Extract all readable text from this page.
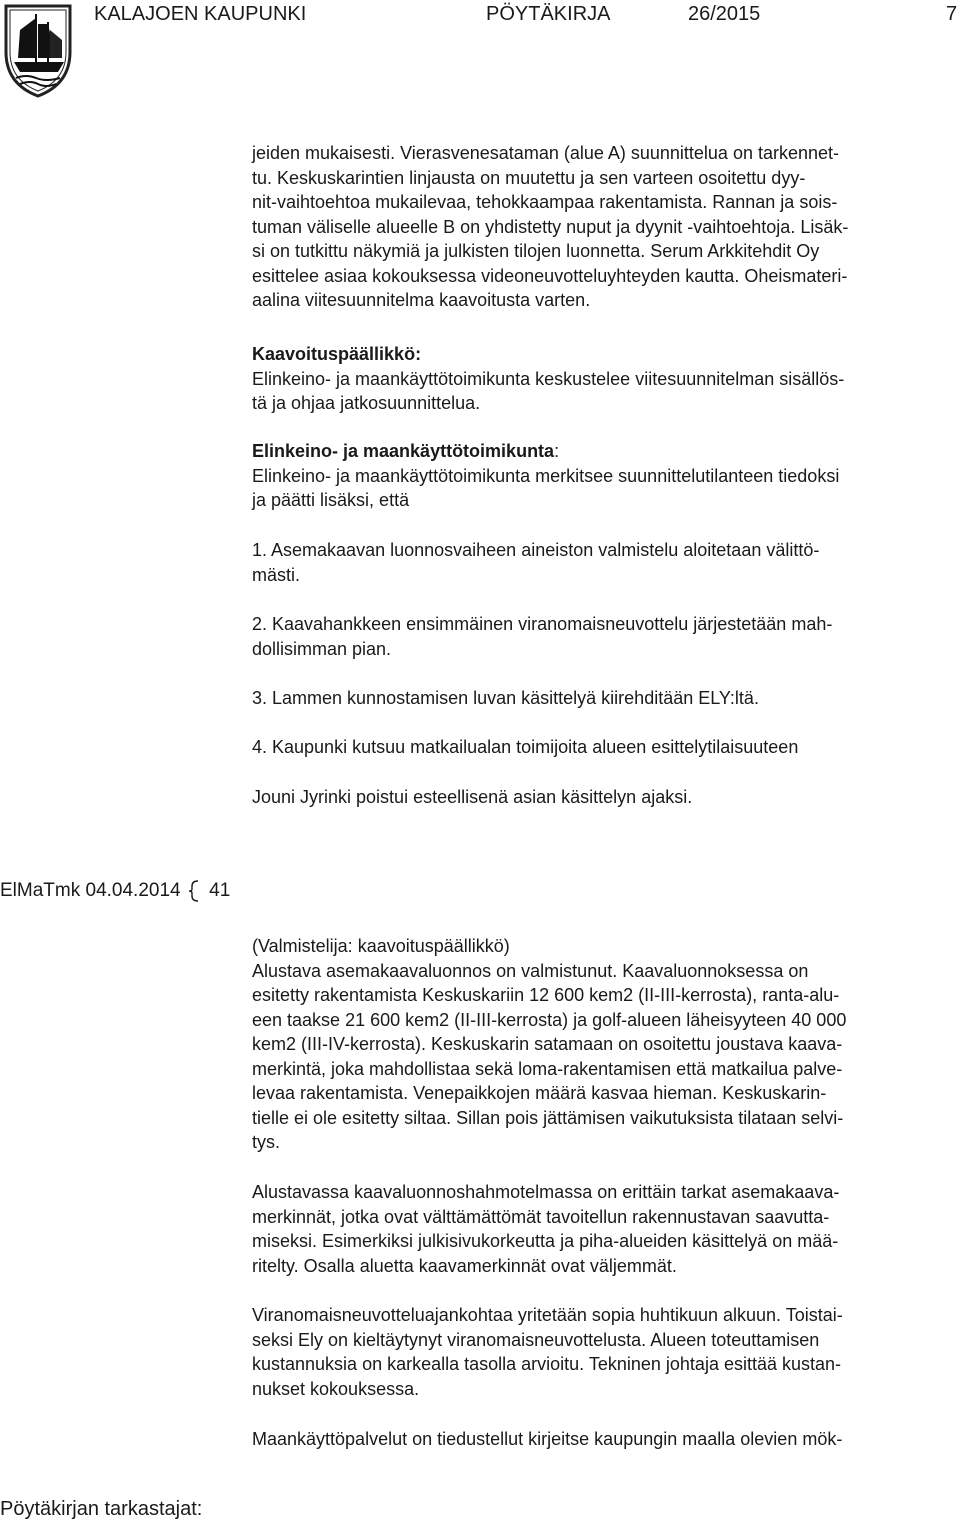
KALAJOEN KAUPUNKI	PÖYTÄKIRJA	26/2015	7
jeiden mukaisesti. Vierasvenesataman (alue A) suunnittelua on tarkennet-
tu. Keskuskarintien linjausta on muutettu ja sen varteen osoitettu dyy-
nit-vaihtoehtoa mukailevaa, tehokkaampaa rakentamista. Rannan ja sois-
tuman väliselle alueelle B on yhdistetty nuput ja dyynit -vaihtoehtoja. Lisäk-
si on tutkittu näkymiä ja julkisten tilojen luonnetta. Serum Arkkitehdit Oy
esittelee asiaa kokouksessa videoneuvotteluyhteyden kautta. Oheismateri-
aalina viitesuunnitelma kaavoitusta varten.
Kaavoituspäällikkö:
Elinkeino- ja maankäyttötoimikunta keskustelee viitesuunnitelman sisällös-
tä ja ohjaa jatkosuunnittelua.
Elinkeino- ja maankäyttötoimikunta:
Elinkeino- ja maankäyttötoimikunta merkitsee suunnittelutilanteen tiedoksi
ja päätti lisäksi, että
1. Asemakaavan luonnosvaiheen aineiston valmistelu aloitetaan välittö-
mästi.
2. Kaavahankkeen ensimmäinen viranomaisneuvottelu järjestetään mah-
dollisimman pian.
3. Lammen kunnostamisen luvan käsittelyä kiirehditään ELY:ltä.
4. Kaupunki kutsuu matkailualan toimijoita alueen esittelytilaisuuteen
Jouni Jyrinki poistui esteellisenä asian käsittelyn ajaksi.
ElMaTmk 04.04.2014 41
(Valmistelija: kaavoituspäällikkö)
Alustava asemakaavaluonnos on valmistunut. Kaavaluonnoksessa on
esitetty rakentamista Keskuskariin 12 600 kem2 (II-III-kerrosta), ranta-alu-
een taakse 21 600 kem2 (II-III-kerrosta) ja golf-alueen läheisyyteen 40 000
kem2 (III-IV-kerrosta). Keskuskarin satamaan on osoitettu joustava kaava-
merkintä, joka mahdollistaa sekä loma-rakentamisen että matkailua palve-
levaa rakentamista. Venepaikkojen määrä kasvaa hieman. Keskuskarin-
tielle ei ole esitetty siltaa. Sillan pois jättämisen vaikutuksista tilataan selvi-
tys.
Alustavassa kaavaluonnoshahmotelmassa on erittäin tarkat asemakaava-
merkinnät, jotka ovat välttämättömät tavoitellun rakennustavan saavutta-
miseksi. Esimerkiksi julkisivukorkeutta ja piha-alueiden käsittelyä on mää-
ritelty. Osalla aluetta kaavamerkinnät ovat väljemmät.
Viranomaisneuvotteluajankohtaa yritetään sopia huhtikuun alkuun. Toistai-
seksi Ely on kieltäytynyt viranomaisneuvottelusta. Alueen toteuttamisen
kustannuksia on karkealla tasolla arvioitu. Tekninen johtaja esittää kustan-
nukset kokouksessa.
Maankäyttöpalvelut on tiedustellut kirjeitse kaupungin maalla olevien mök-
Pöytäkirjan tarkastajat:
